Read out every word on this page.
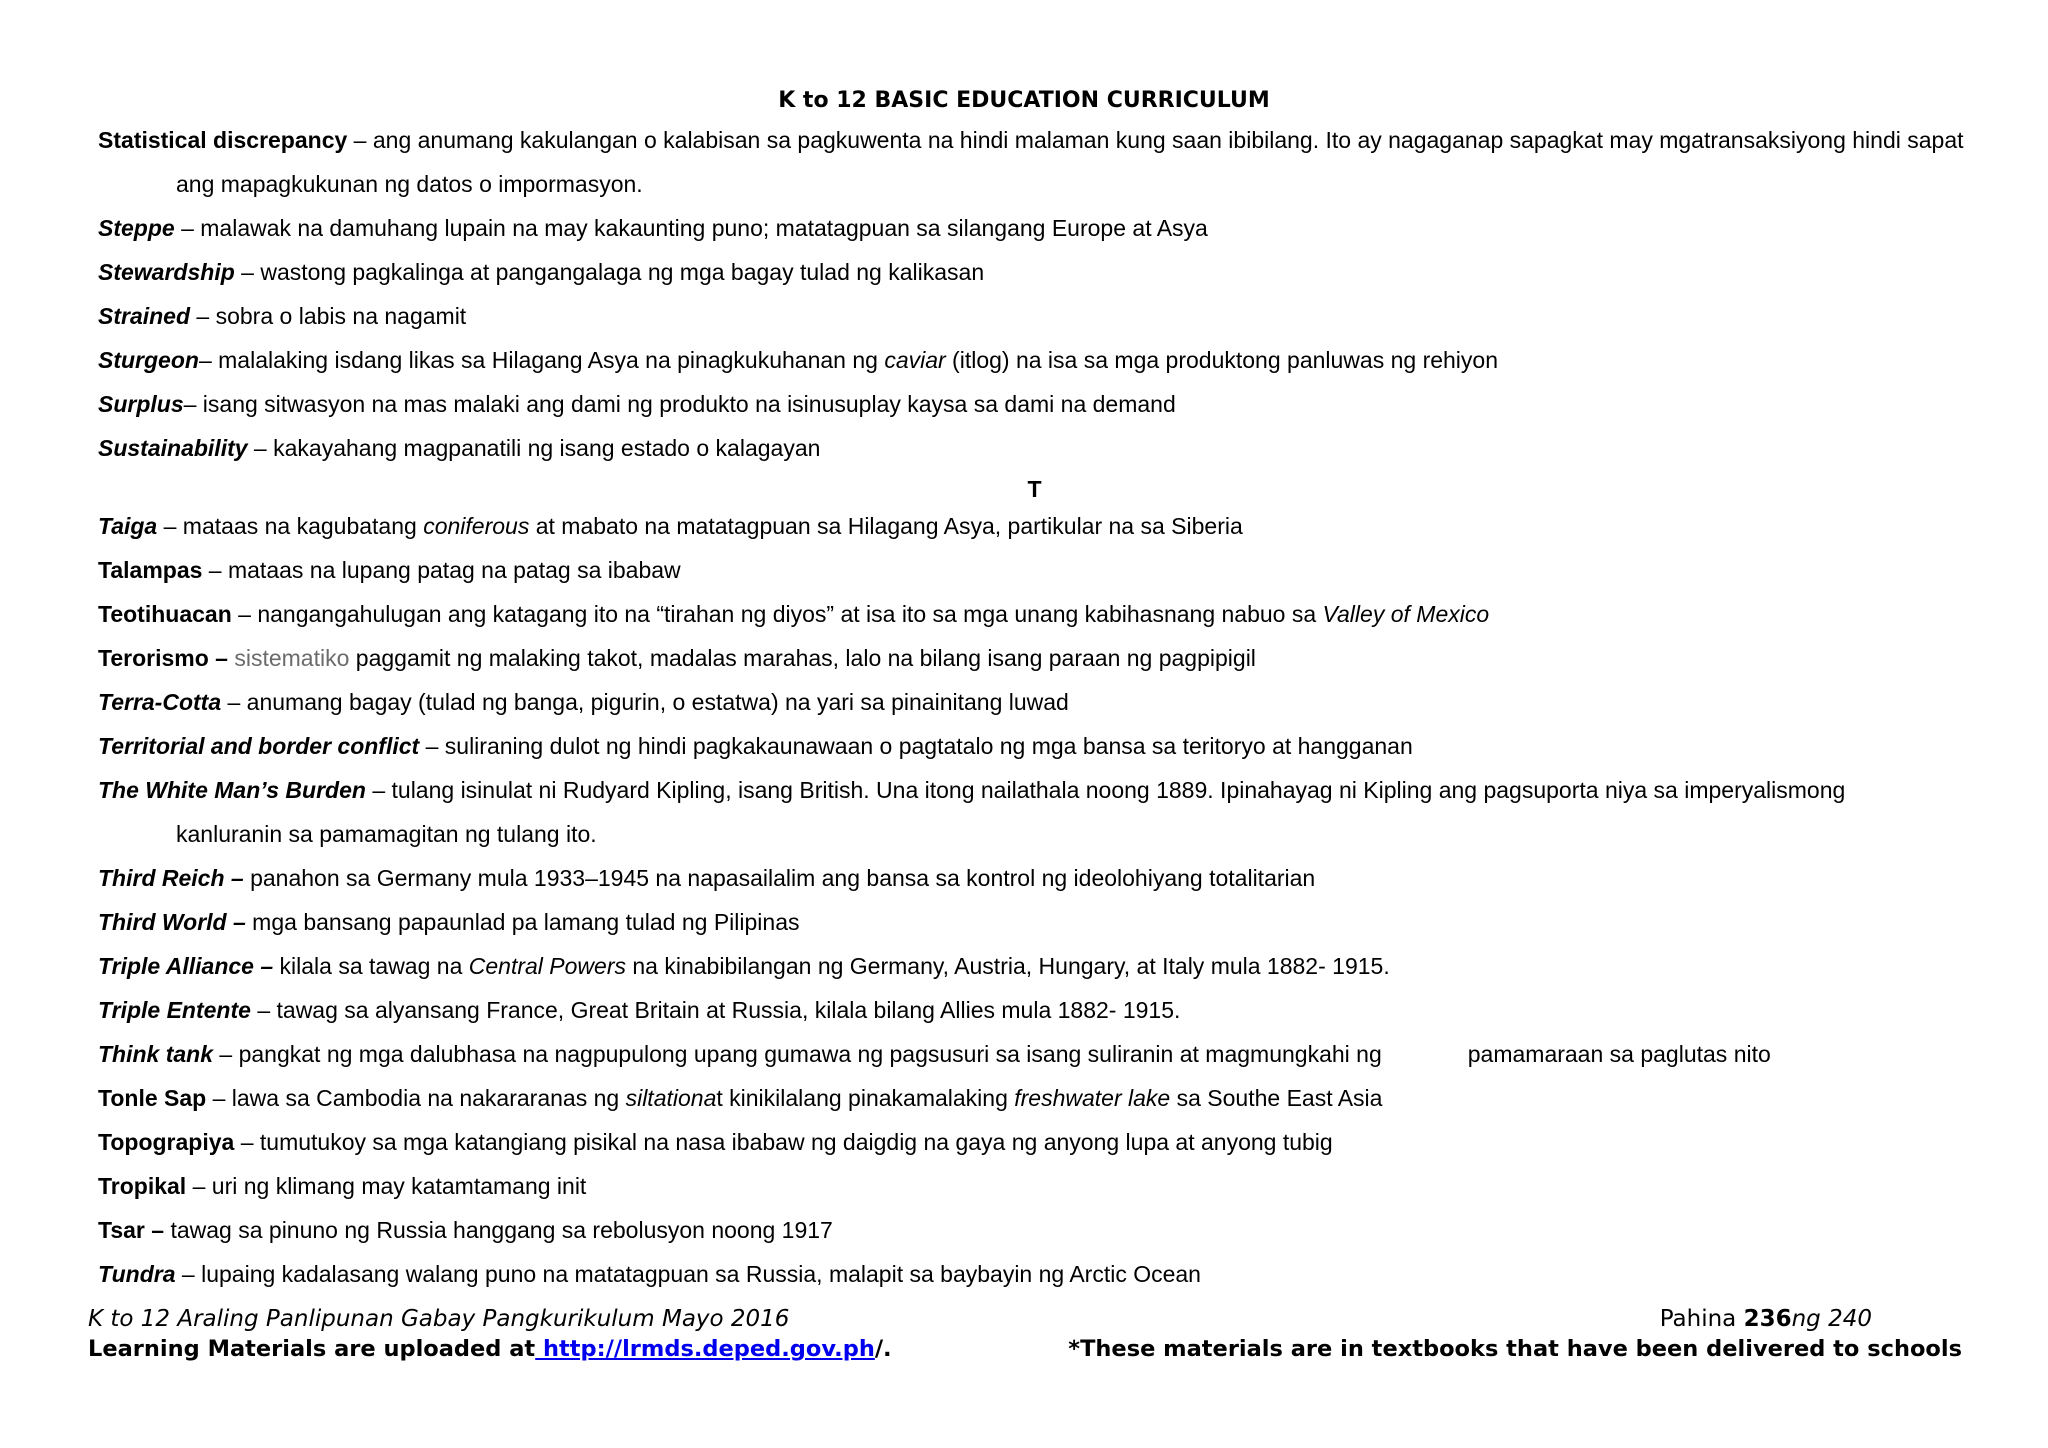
K to 12 BASIC EDUCATION CURRICULUM

Statistical discrepancy – ang anumang kakulangan o kalabisan sa pagkuwenta na hindi malaman kung saan ibibilang. Ito ay nagaganap sapagkat may mgatransaksiyong hindi sapat ang mapagkukunan ng datos o impormasyon.

Steppe – malawak na damuhang lupain na may kakaunting puno; matatagpuan sa silangang Europe at Asya

Stewardship – wastong pagkalinga at pangangalaga ng mga bagay tulad ng kalikasan

Strained – sobra o labis na nagamit

Sturgeon– malalaking isdang likas sa Hilagang Asya na pinagkukuhanan ng caviar (itlog) na isa sa mga produktong panluwas ng rehiyon

Surplus– isang sitwasyon na mas malaki ang dami ng produkto na isinusuplay kaysa sa dami na demand

Sustainability – kakayahang magpanatili ng isang estado o kalagayan

T

Taiga – mataas na kagubatang coniferous at mabato na matatagpuan sa Hilagang Asya, partikular na sa Siberia

Talampas – mataas na lupang patag na patag sa ibabaw

Teotihuacan – nangangahulugan ang katagang ito na “tirahan ng diyos” at isa ito sa mga unang kabihasnang nabuo sa Valley of Mexico

Terorismo – sistematiko paggamit ng malaking takot, madalas marahas, lalo na bilang isang paraan ng pagpipigil

Terra-Cotta – anumang bagay (tulad ng banga, pigurin, o estatwa) na yari sa pinainitang luwad

Territorial and border conflict – suliraning dulot ng hindi pagkakaunawaan o pagtatalo ng mga bansa sa teritoryo at hangganan

The White Man’s Burden – tulang isinulat ni Rudyard Kipling, isang British. Una itong nailathala noong 1889. Ipinahayag ni Kipling ang pagsuporta niya sa imperyalismong kanluranin sa pamamagitan ng tulang ito.

Third Reich – panahon sa Germany mula 1933–1945 na napasailalim ang bansa sa kontrol ng ideolohiyang totalitarian

Third World – mga bansang papaunlad pa lamang tulad ng Pilipinas

Triple Alliance – kilala sa tawag na Central Powers na kinabibilangan ng Germany, Austria, Hungary, at Italy mula 1882- 1915.

Triple Entente – tawag sa alyansang France, Great Britain at Russia, kilala bilang Allies mula 1882- 1915.

Think tank – pangkat ng mga dalubhasa na nagpupulong upang gumawa ng pagsusuri sa isang suliranin at magmungkahi ng	pamamaraan sa paglutas nito

Tonle Sap – lawa sa Cambodia na nakararanas ng siltationat kinikilalang pinakamalaking freshwater lake sa Southe East Asia

Topograpiya – tumutukoy sa mga katangiang pisikal na nasa ibabaw ng daigdig na gaya ng anyong lupa at anyong tubig

Tropikal – uri ng klimang may katamtamang init

Tsar – tawag sa pinuno ng Russia hanggang sa rebolusyon noong 1917

Tundra – lupaing kadalasang walang puno na matatagpuan sa Russia, malapit sa baybayin ng Arctic Ocean

K to 12 Araling Panlipunan Gabay Pangkurikulum Mayo 2016	Pahina 236ng 240
Learning Materials are uploaded at http://lrmds.deped.gov.ph/.	*These materials are in textbooks that have been delivered to schools
